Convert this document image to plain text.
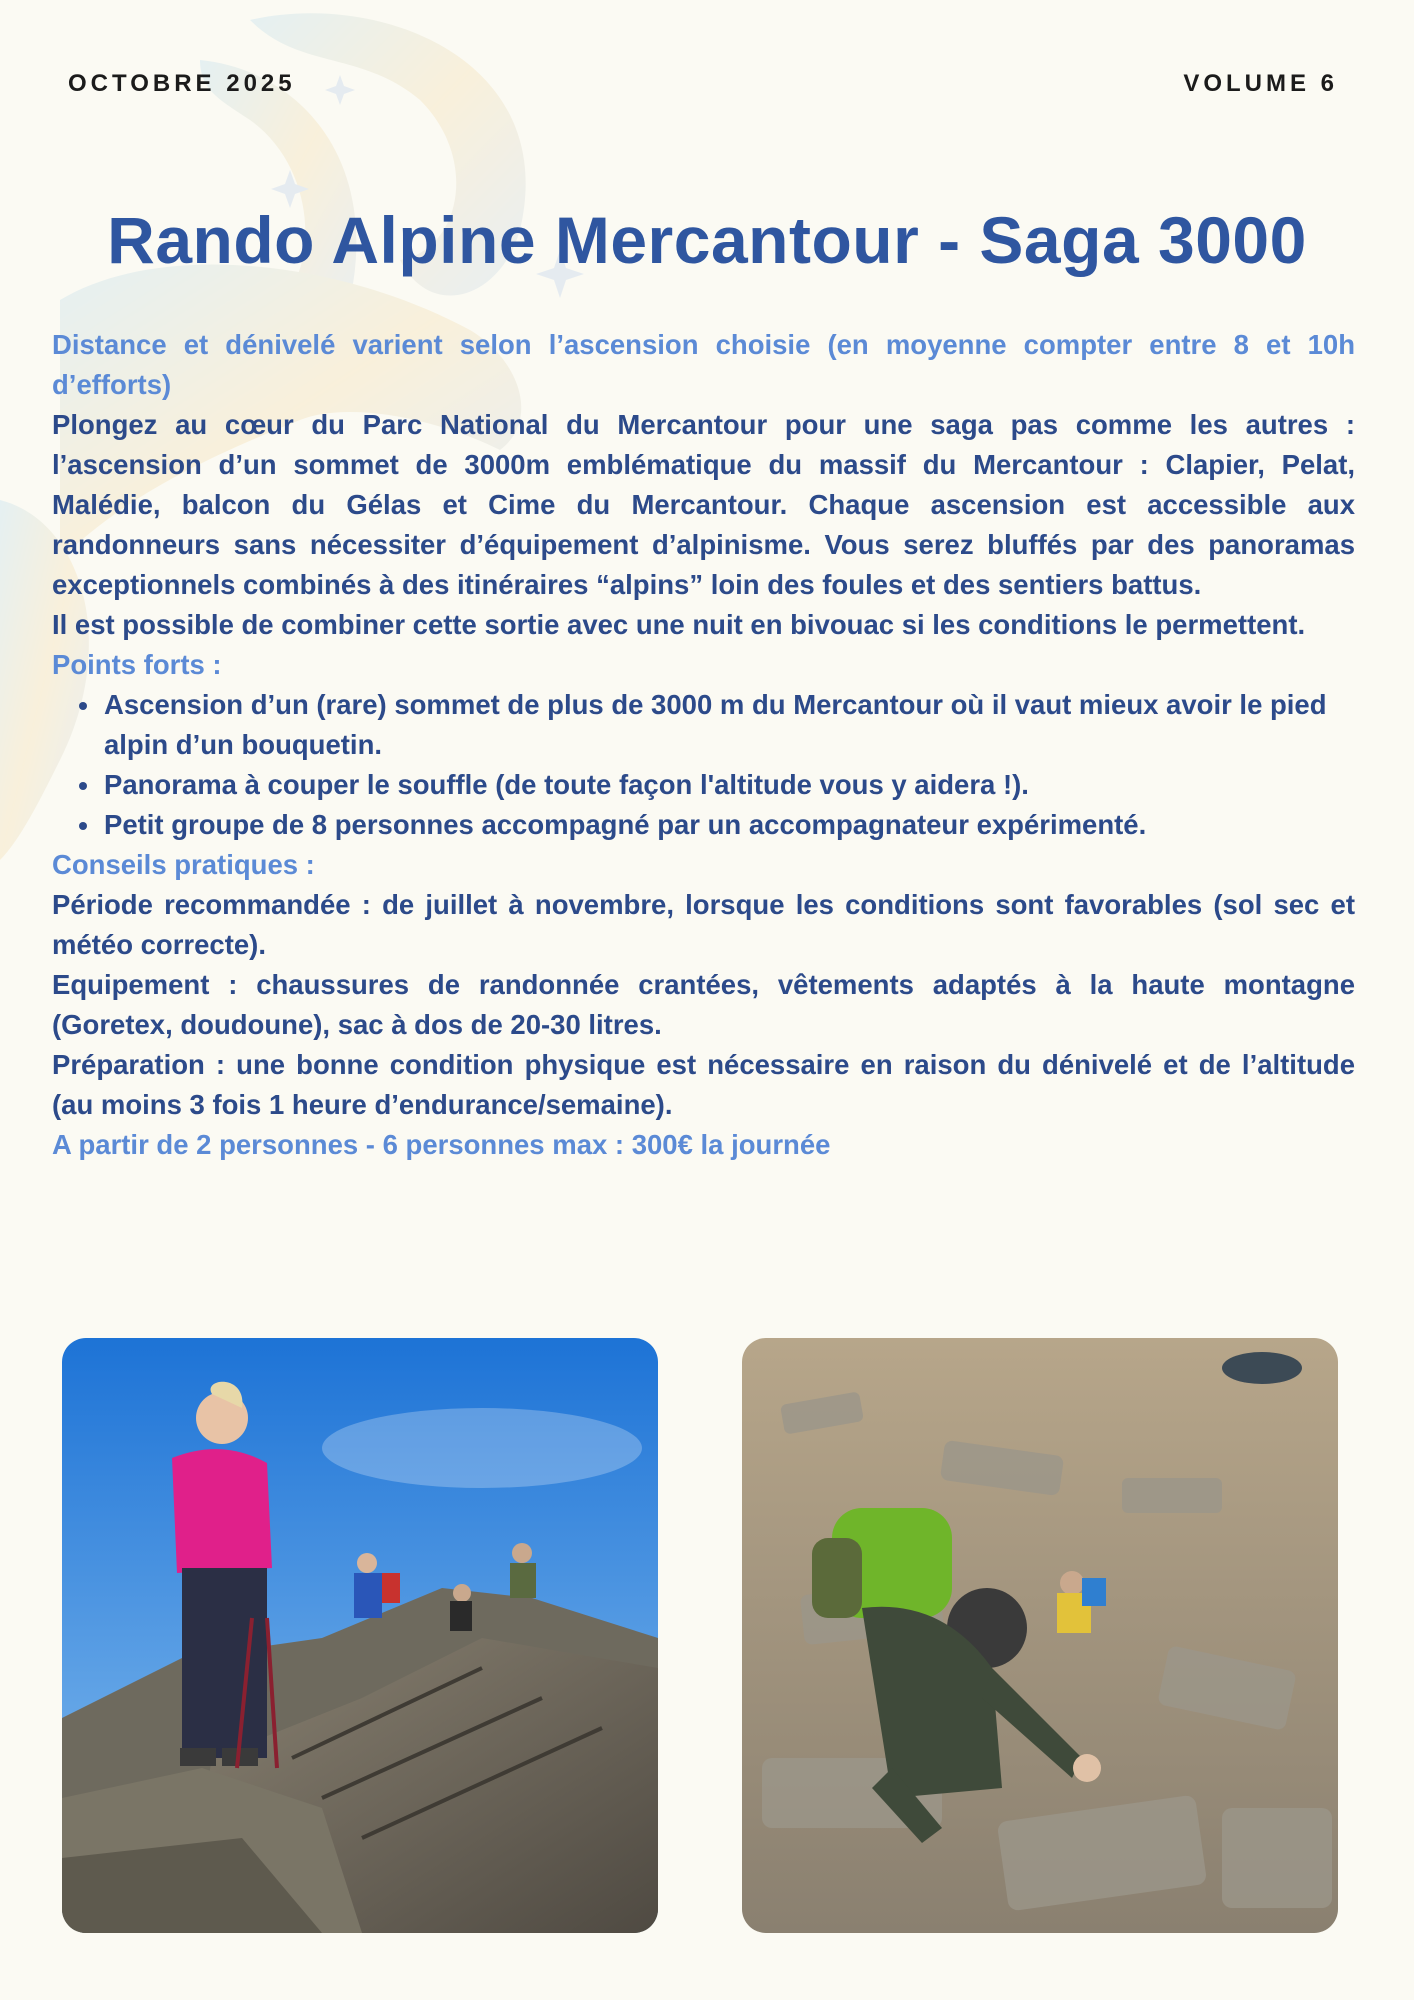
OCTOBRE 2025	VOLUME 6
Rando Alpine Mercantour - Saga 3000

Distance et dénivelé varient selon l’ascension choisie (en moyenne compter entre 8 et 10h d’efforts)

Plongez au cœur du Parc National du Mercantour pour une saga pas comme les autres : l’ascension d’un sommet de 3000m emblématique du massif du Mercantour : Clapier, Pelat, Malédie, balcon du Gélas et Cime du Mercantour. Chaque ascension est accessible aux randonneurs sans nécessiter d’équipement d’alpinisme. Vous serez bluffés par des panoramas exceptionnels combinés à des itinéraires “alpins” loin des foules et des sentiers battus.

Il est possible de combiner cette sortie avec une nuit en bivouac si les conditions le permettent.

Points forts :

• Ascension d’un (rare) sommet de plus de 3000 m du Mercantour où il vaut mieux avoir le pied alpin d’un bouquetin.
• Panorama à couper le souffle (de toute façon l'altitude vous y aidera !).
• Petit groupe de 8 personnes accompagné par un accompagnateur expérimenté.

Conseils pratiques :

Période recommandée : de juillet à novembre, lorsque les conditions sont favorables (sol sec et météo correcte).

Equipement : chaussures de randonnée crantées, vêtements adaptés à la haute montagne (Goretex, doudoune), sac à dos de 20-30 litres.

Préparation : une bonne condition physique est nécessaire en raison du dénivelé et de l’altitude (au moins 3 fois 1 heure d’endurance/semaine).

A partir de 2 personnes - 6 personnes max : 300€ la journée
